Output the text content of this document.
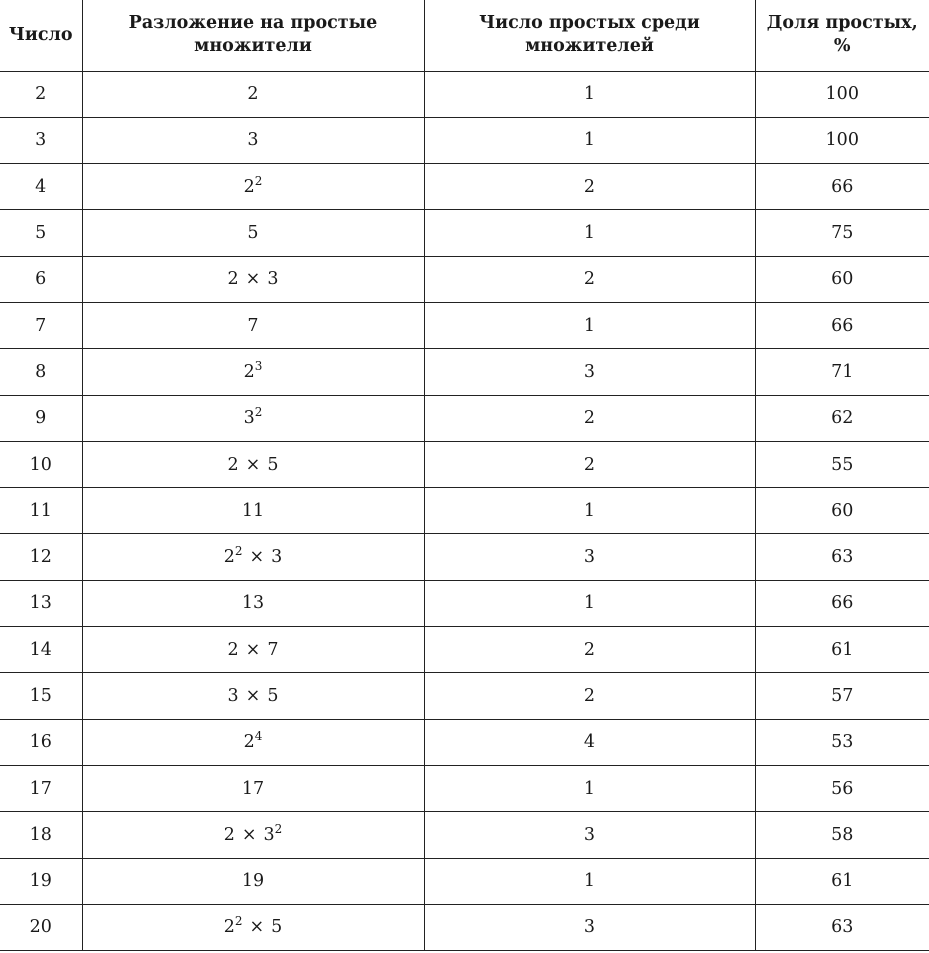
Число	Разложение на простые множители	Число простых среди множителей	Доля простых, %
2	2	1	100
3	3	1	100
4	$2^2$	2	66
5	5	1	75
6	2 × 3	2	60
7	7	1	66
8	$2^3$	3	71
9	$3^2$	2	62
10	2 × 5	2	55
11	11	1	60
12	$2^2 \times 3$	3	63
13	13	1	66
14	2 × 7	2	61
15	3 × 5	2	57
16	$2^4$	4	53
17	17	1	56
18	$2 \times 3^2$	3	58
19	19	1	61
20	$2^2 \times 5$	3	63
